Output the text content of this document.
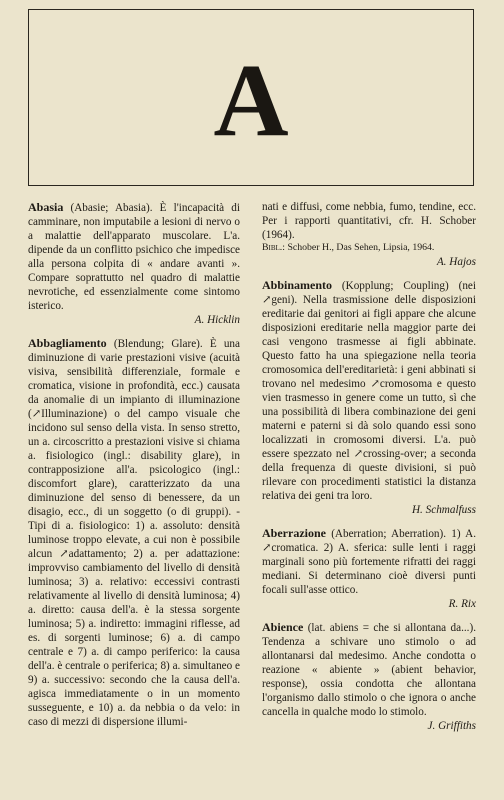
A

Abasia (Abasie; Abasia). È l'incapacità di camminare, non imputabile a lesioni di nervo o a malattie dell'apparato muscolare. L'a. dipende da un conflitto psichico che impedisce alla persona colpita di « andare avanti ». Compare soprattutto nel quadro di malattie nevrotiche, ed essenzialmente come sintomo isterico.

A. Hicklin

Abbagliamento (Blendung; Glare). È una diminuzione di varie prestazioni visive (acuità visiva, sensibilità differenziale, formale e cromatica, visione in profondità, ecc.) causata da anomalie di un impianto di illuminazione (↗Illuminazione) o del campo visuale che incidono sul senso della vista. In senso stretto, un a. circoscritto a prestazioni visive si chiama a. fisiologico (ingl.: disability glare), in contrapposizione all'a. psicologico (ingl.: discomfort glare), caratterizzato da una diminuzione del senso di benessere, da un disagio, ecc., di un soggetto (o di gruppi). - Tipi di a. fisiologico: 1) a. assoluto: densità luminose troppo elevate, a cui non è possibile alcun ↗adattamento; 2) a. per adattazione: improvviso cambiamento del livello di densità luminosa; 3) a. relativo: eccessivi contrasti relativamente al livello di densità luminosa; 4) a. diretto: causa dell'a. è la stessa sorgente luminosa; 5) a. indiretto: immagini riflesse, ad es. di sorgenti luminose; 6) a. di campo centrale e 7) a. di campo periferico: la causa dell'a. è centrale o periferica; 8) a. simultaneo e 9) a. successivo: secondo che la causa dell'a. agisca immediatamente o in un momento susseguente, e 10) a. da nebbia o da velo: in caso di mezzi di dispersione illumi-

nati e diffusi, come nebbia, fumo, tendine, ecc. Per i rapporti quantitativi, cfr. H. Schober (1964).

Bibl.: Schober H., Das Sehen, Lipsia, 1964.

A. Hajos

Abbinamento (Kopplung; Coupling) (nei ↗geni). Nella trasmissione delle disposizioni ereditarie dai genitori ai figli appare che alcune disposizioni ereditarie nella maggior parte dei casi vengono trasmesse ai figli abbinate. Questo fatto ha una spiegazione nella teoria cromosomica dell'ereditarietà: i geni abbinati si trovano nel medesimo ↗cromosoma e questo vien trasmesso in genere come un tutto, sì che una possibilità di libera combinazione dei geni materni e paterni si dà solo quando essi sono localizzati in cromosomi diversi. L'a. può essere spezzato nel ↗crossing-over; a seconda della frequenza di queste divisioni, si può rilevare con procedimenti statistici la distanza relativa dei geni tra loro.

H. Schmalfuss

Aberrazione (Aberration; Aberration). 1) A. ↗cromatica. 2) A. sferica: sulle lenti i raggi marginali sono più fortemente rifratti dei raggi mediani. Si determinano cioè diversi punti focali sull'asse ottico.

R. Rix

Abience (lat. abiens = che si allontana da...). Tendenza a schivare uno stimolo o ad allontanarsi dal medesimo. Anche condotta o reazione « abiente » (abient behavior, response), ossia condotta che allontana l'organismo dallo stimolo o che ignora o anche cancella in qualche modo lo stimolo.

J. Griffiths
